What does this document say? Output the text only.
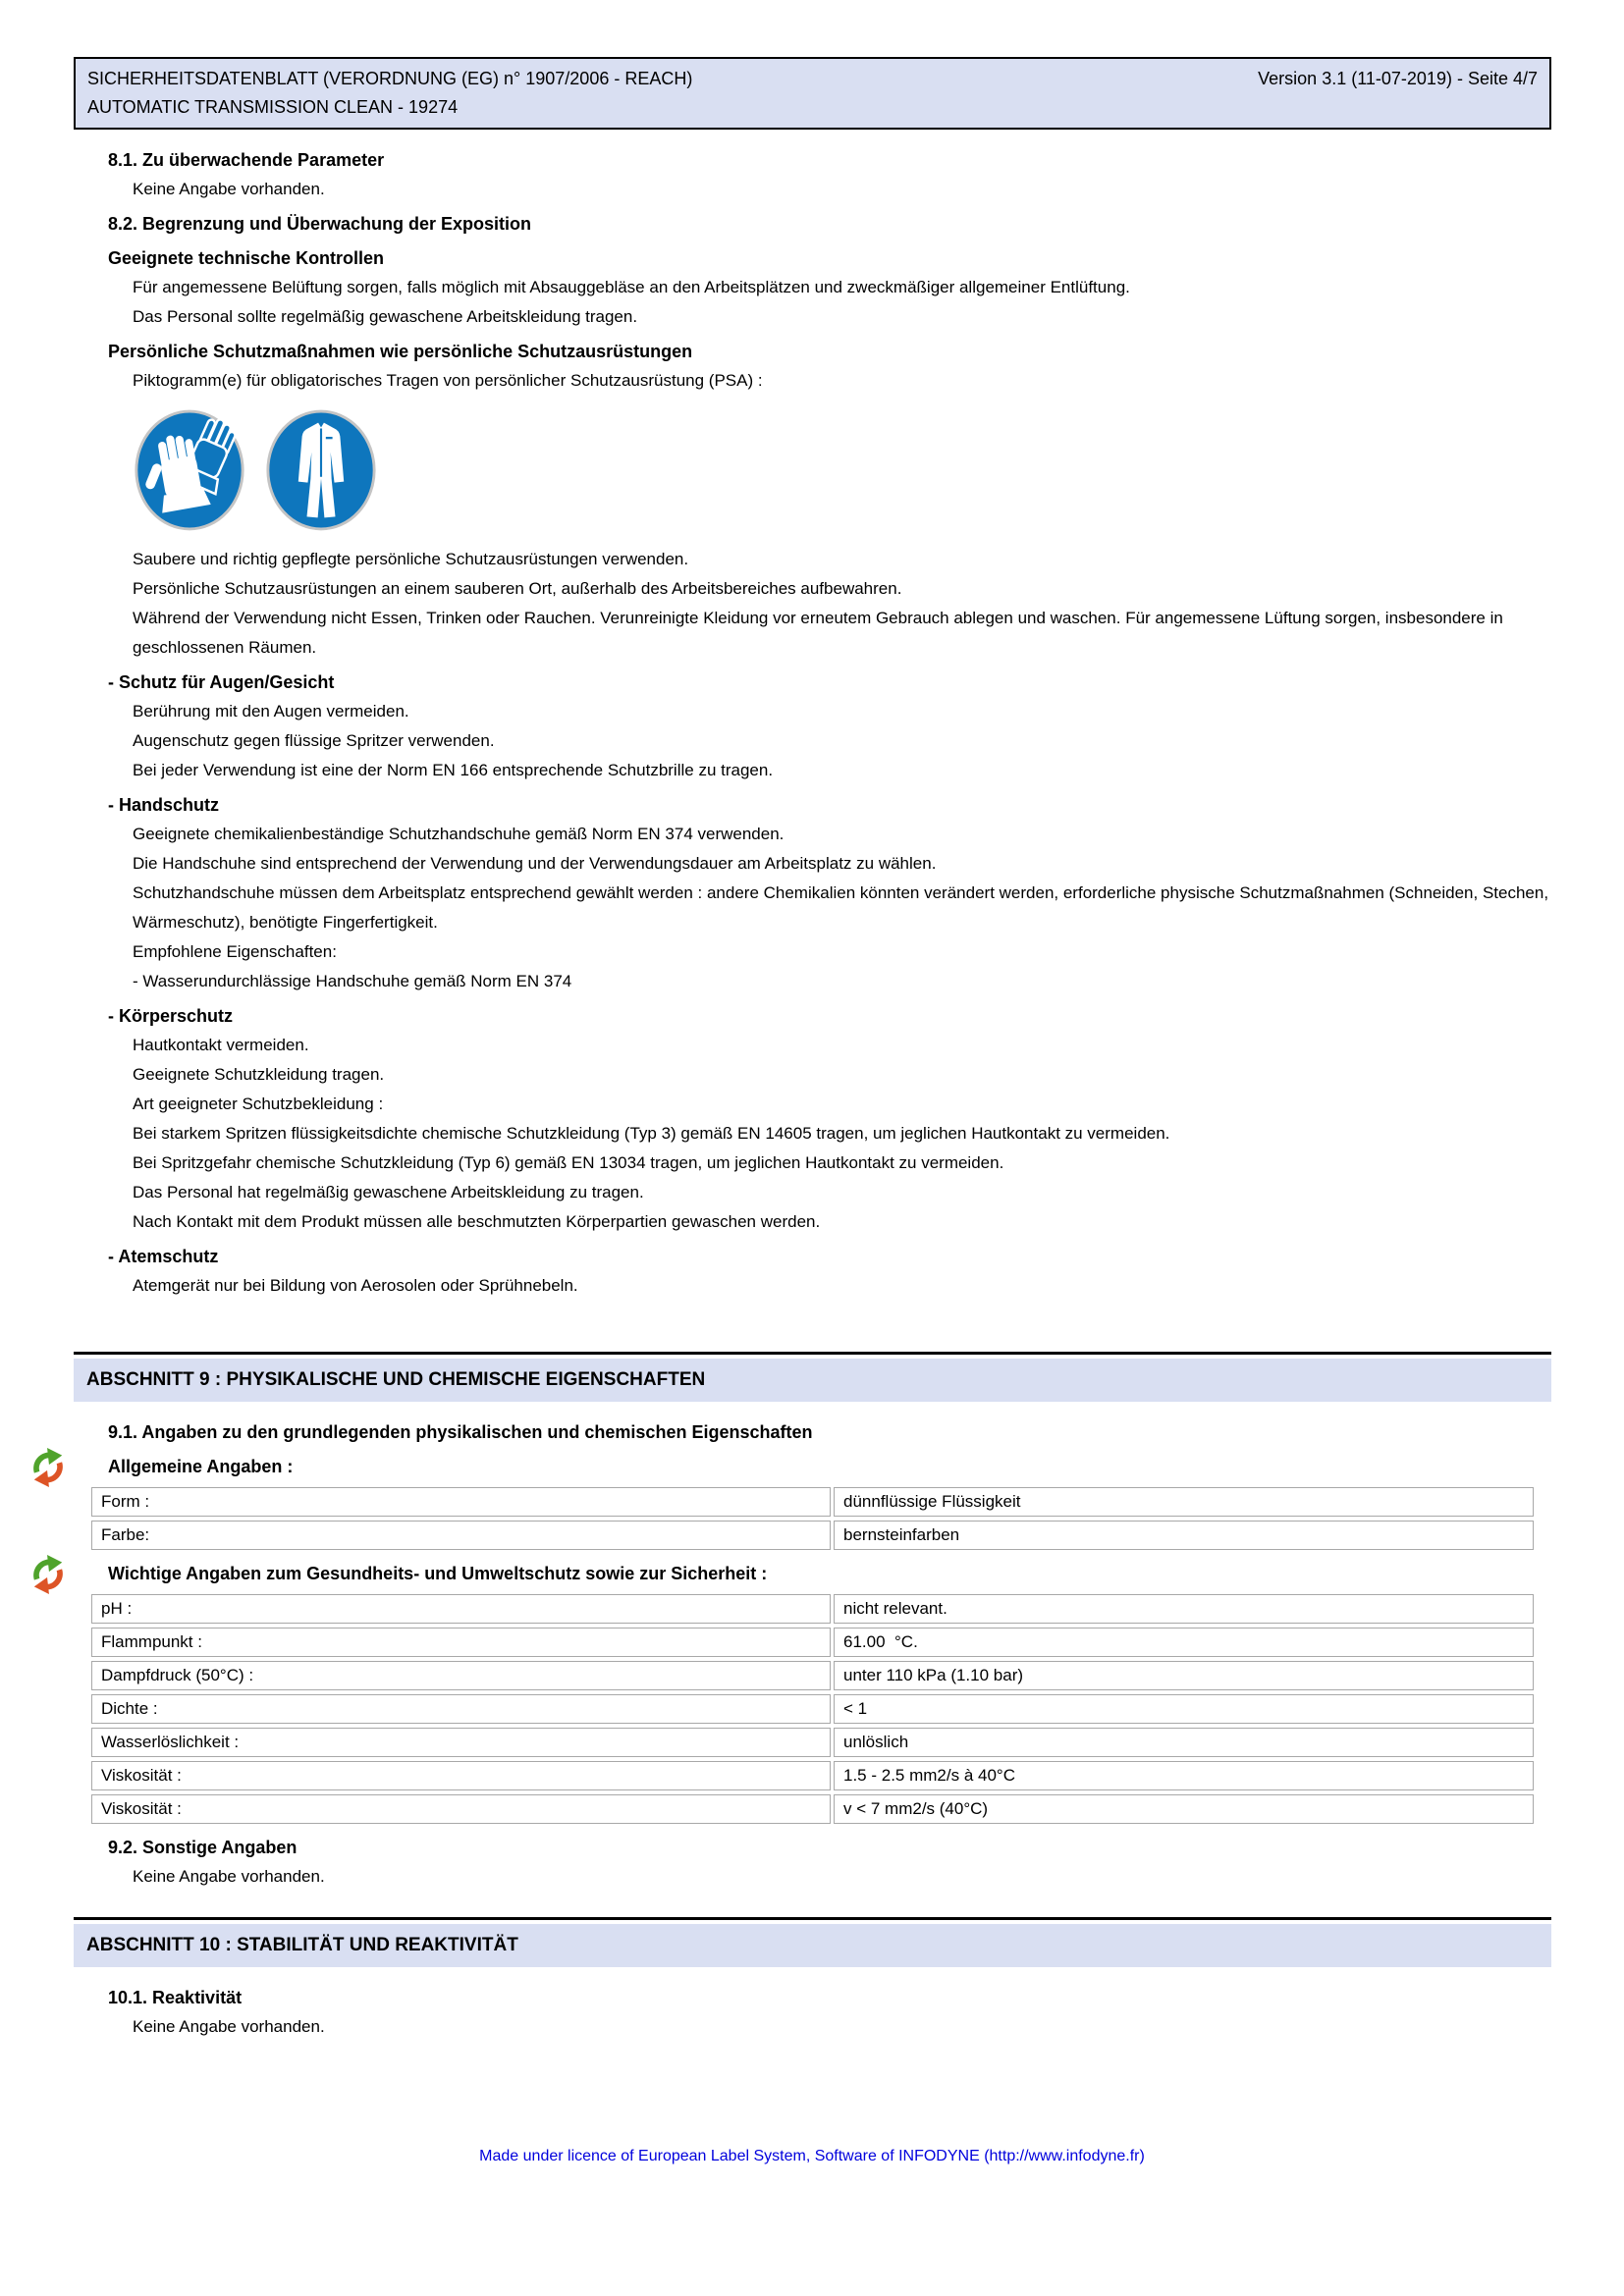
SICHERHEITSDATENBLATT (VERORDNUNG (EG) n° 1907/2006 - REACH)	Version 3.1 (11-07-2019) - Seite 4/7
AUTOMATIC TRANSMISSION CLEAN - 19274
8.1. Zu überwachende Parameter

Keine Angabe vorhanden.

8.2. Begrenzung und Überwachung der Exposition
Geeignete technische Kontrollen

Für angemessene Belüftung sorgen, falls möglich mit Absauggebläse an den Arbeitsplätzen und zweckmäßiger allgemeiner Entlüftung.

Das Personal sollte regelmäßig gewaschene Arbeitskleidung tragen.

Persönliche Schutzmaßnahmen wie persönliche Schutzausrüstungen

Piktogramm(e) für obligatorisches Tragen von persönlicher Schutzausrüstung (PSA) :

Saubere und richtig gepflegte persönliche Schutzausrüstungen verwenden.

Persönliche Schutzausrüstungen an einem sauberen Ort, außerhalb des Arbeitsbereiches aufbewahren.

Während der Verwendung nicht Essen, Trinken oder Rauchen. Verunreinigte Kleidung vor erneutem Gebrauch ablegen und waschen. Für angemessene Lüftung sorgen, insbesondere in geschlossenen Räumen.

- Schutz für Augen/Gesicht

Berührung mit den Augen vermeiden.

Augenschutz gegen flüssige Spritzer verwenden.

Bei jeder Verwendung ist eine der Norm EN 166 entsprechende Schutzbrille zu tragen.

- Handschutz

Geeignete chemikalienbeständige Schutzhandschuhe gemäß Norm EN 374 verwenden.

Die Handschuhe sind entsprechend der Verwendung und der Verwendungsdauer am Arbeitsplatz zu wählen.

Schutzhandschuhe müssen dem Arbeitsplatz entsprechend gewählt werden : andere Chemikalien könnten verändert werden, erforderliche physische Schutzmaßnahmen (Schneiden, Stechen, Wärmeschutz), benötigte Fingerfertigkeit.

Empfohlene Eigenschaften:

- Wasserundurchlässige Handschuhe gemäß Norm EN 374

- Körperschutz

Hautkontakt vermeiden.

Geeignete Schutzkleidung tragen.

Art geeigneter Schutzbekleidung :

Bei starkem Spritzen flüssigkeitsdichte chemische Schutzkleidung (Typ 3) gemäß EN 14605 tragen, um jeglichen Hautkontakt zu vermeiden.

Bei Spritzgefahr chemische Schutzkleidung (Typ 6) gemäß EN 13034 tragen, um jeglichen Hautkontakt zu vermeiden.

Das Personal hat regelmäßig gewaschene Arbeitskleidung zu tragen.

Nach Kontakt mit dem Produkt müssen alle beschmutzten Körperpartien gewaschen werden.

- Atemschutz

Atemgerät nur bei Bildung von Aerosolen oder Sprühnebeln.

ABSCHNITT 9 : PHYSIKALISCHE UND CHEMISCHE EIGENSCHAFTEN
9.1. Angaben zu den grundlegenden physikalischen und chemischen Eigenschaften
Allgemeine Angaben :
Form :	dünnflüssige Flüssigkeit
Farbe:	bernsteinfarben
Wichtige Angaben zum Gesundheits- und Umweltschutz sowie zur Sicherheit :
pH :	nicht relevant.
Flammpunkt :	61.00  °C.
Dampfdruck (50°C) :	unter 110 kPa (1.10 bar)
Dichte :	< 1
Wasserlöslichkeit :	unlöslich
Viskosität :	1.5 - 2.5 mm2/s à 40°C
Viskosität :	v < 7 mm2/s (40°C)
9.2. Sonstige Angaben

Keine Angabe vorhanden.

ABSCHNITT 10 : STABILITÄT UND REAKTIVITÄT
10.1. Reaktivität

Keine Angabe vorhanden.

Made under licence of European Label System, Software of INFODYNE (http://www.infodyne.fr)
